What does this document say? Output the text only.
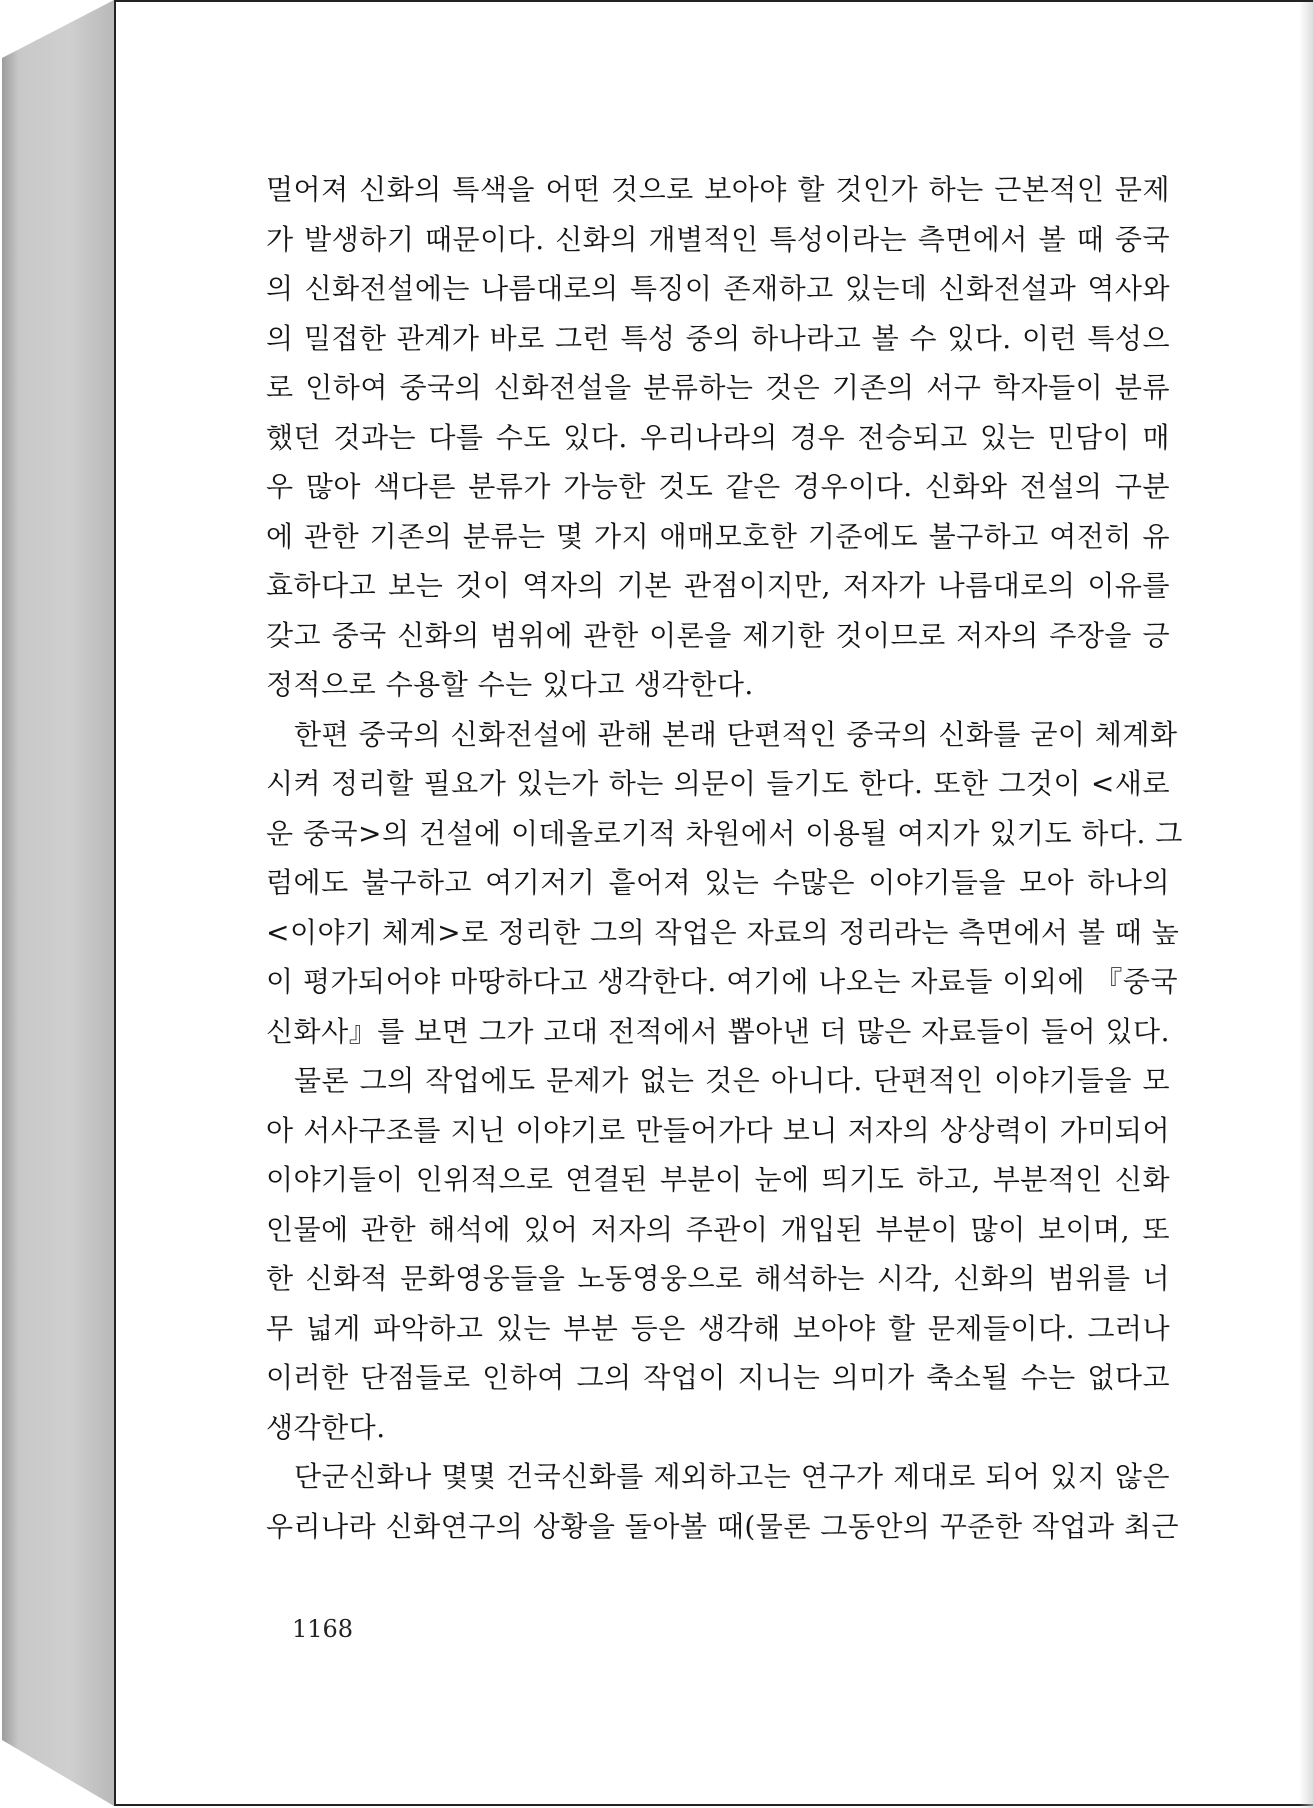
멀어져 신화의 특색을 어떤 것으로 보아야 할 것인가 하는 근본적인 문제
가 발생하기 때문이다. 신화의 개별적인 특성이라는 측면에서 볼 때 중국
의 신화전설에는 나름대로의 특징이 존재하고 있는데 신화전설과 역사와
의 밀접한 관계가 바로 그런 특성 중의 하나라고 볼 수 있다. 이런 특성으
로 인하여 중국의 신화전설을 분류하는 것은 기존의 서구 학자들이 분류
했던 것과는 다를 수도 있다. 우리나라의 경우 전승되고 있는 민담이 매
우 많아 색다른 분류가 가능한 것도 같은 경우이다. 신화와 전설의 구분
에 관한 기존의 분류는 몇 가지 애매모호한 기준에도 불구하고 여전히 유
효하다고 보는 것이 역자의 기본 관점이지만, 저자가 나름대로의 이유를
갖고 중국 신화의 범위에 관한 이론을 제기한 것이므로 저자의 주장을 긍
정적으로 수용할 수는 있다고 생각한다.
한편 중국의 신화전설에 관해 본래 단편적인 중국의 신화를 굳이 체계화
시켜 정리할 필요가 있는가 하는 의문이 들기도 한다. 또한 그것이 <새로
운 중국>의 건설에 이데올로기적 차원에서 이용될 여지가 있기도 하다. 그
럼에도 불구하고 여기저기 흩어져 있는 수많은 이야기들을 모아 하나의
<이야기 체계>로 정리한 그의 작업은 자료의 정리라는 측면에서 볼 때 높
이 평가되어야 마땅하다고 생각한다. 여기에 나오는 자료들 이외에 『중국
신화사』를 보면 그가 고대 전적에서 뽑아낸 더 많은 자료들이 들어 있다.
물론 그의 작업에도 문제가 없는 것은 아니다. 단편적인 이야기들을 모
아 서사구조를 지닌 이야기로 만들어가다 보니 저자의 상상력이 가미되어
이야기들이 인위적으로 연결된 부분이 눈에 띄기도 하고, 부분적인 신화
인물에 관한 해석에 있어 저자의 주관이 개입된 부분이 많이 보이며, 또
한 신화적 문화영웅들을 노동영웅으로 해석하는 시각, 신화의 범위를 너
무 넓게 파악하고 있는 부분 등은 생각해 보아야 할 문제들이다. 그러나
이러한 단점들로 인하여 그의 작업이 지니는 의미가 축소될 수는 없다고
생각한다.
단군신화나 몇몇 건국신화를 제외하고는 연구가 제대로 되어 있지 않은
우리나라 신화연구의 상황을 돌아볼 때(물론 그동안의 꾸준한 작업과 최근
1168
